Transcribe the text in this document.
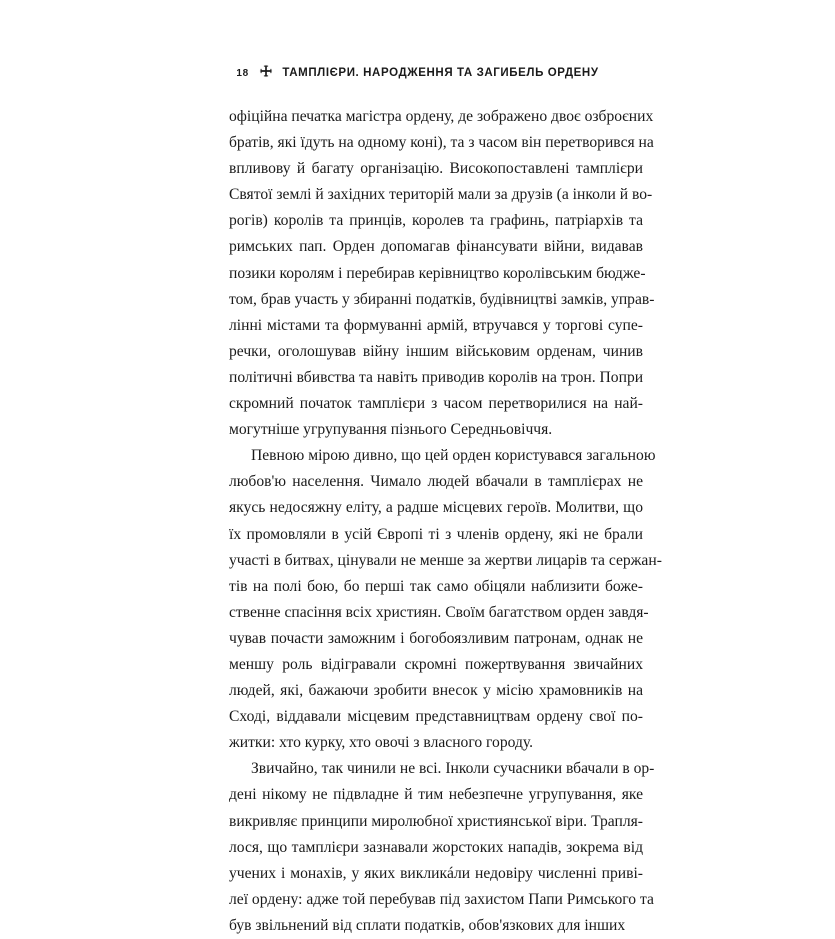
18	ТАМПЛІЄРИ. НАРОДЖЕННЯ ТА ЗАГИБЕЛЬ ОРДЕНУ
офіційна печатка магістра ордену, де зображено двоє озброєних
братів, які їдуть на одному коні), та з часом він перетворився на
впливову й багату організацію. Високопоставлені тамплієри
Святої землі й західних територій мали за друзів (а інколи й во-
рогів) королів та принців, королев та графинь, патріархів та
римських пап. Орден допомагав фінансувати війни, видавав
позики королям і перебирав керівництво королівським бюдже-
том, брав участь у збиранні податків, будівництві замків, управ-
лінні містами та формуванні армій, втручався у торгові супе-
речки, оголошував війну іншим військовим орденам, чинив
політичні вбивства та навіть приводив королів на трон. Попри
скромний початок тамплієри з часом перетворилися на най-
могутніше угрупування пізнього Середньовіччя.
Певною мірою дивно, що цей орден користувався загальною
любов'ю населення. Чимало людей вбачали в тамплієрах не
якусь недосяжну еліту, а радше місцевих героїв. Молитви, що
їх промовляли в усій Європі ті з членів ордену, які не брали
участі в битвах, цінували не менше за жертви лицарів та сержан-
тів на полі бою, бо перші так само обіцяли наблизити боже-
ственне спасіння всіх християн. Своїм багатством орден завдя-
чував почасти заможним і богобоязливим патронам, однак не
меншу роль відігравали скромні пожертвування звичайних
людей, які, бажаючи зробити внесок у місію храмовників на
Сході, віддавали місцевим представництвам ордену свої по-
житки: хто курку, хто овочі з власного городу.
Звичайно, так чинили не всі. Інколи сучасники вбачали в ор-
дені нікому не підвладне й тим небезпечне угрупування, яке
викривляє принципи миролюбної християнської віри. Трапля-
лося, що тамплієри зазнавали жорстоких нападів, зокрема від
учених і монахів, у яких викликáли недовіру численні приві-
леї ордену: адже той перебував під захистом Папи Римського та
був звільнений від сплати податків, обов'язкових для інших
